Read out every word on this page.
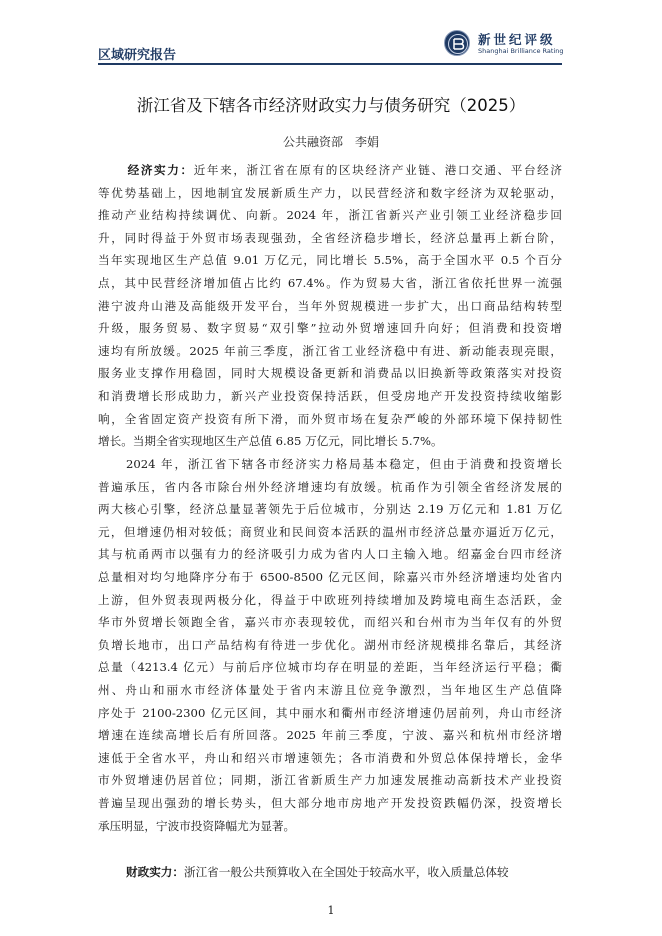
新世纪评级
Shanghai Brilliance Rating
区域研究报告
浙江省及下辖各市经济财政实力与债务研究（2025）
公共融资部　李娟
经济实力：近年来，浙江省在原有的区块经济产业链、港口交通、平台经济
等优势基础上，因地制宜发展新质生产力，以民营经济和数字经济为双轮驱动，
推动产业结构持续调优、向新。2024 年，浙江省新兴产业引领工业经济稳步回
升，同时得益于外贸市场表现强劲，全省经济稳步增长，经济总量再上新台阶，
当年实现地区生产总值 9.01 万亿元，同比增长 5.5%，高于全国水平 0.5 个百分
点，其中民营经济增加值占比约 67.4%。作为贸易大省，浙江省依托世界一流强
港宁波舟山港及高能级开发平台，当年外贸规模进一步扩大，出口商品结构转型
升级，服务贸易、数字贸易“双引擎”拉动外贸增速回升向好；但消费和投资增
速均有所放缓。2025 年前三季度，浙江省工业经济稳中有进、新动能表现亮眼，
服务业支撑作用稳固，同时大规模设备更新和消费品以旧换新等政策落实对投资
和消费增长形成助力，新兴产业投资保持活跃，但受房地产开发投资持续收缩影
响，全省固定资产投资有所下滑，而外贸市场在复杂严峻的外部环境下保持韧性
增长。当期全省实现地区生产总值 6.85 万亿元，同比增长 5.7%。
2024 年，浙江省下辖各市经济实力格局基本稳定，但由于消费和投资增长
普遍承压，省内各市除台州外经济增速均有放缓。杭甬作为引领全省经济发展的
两大核心引擎，经济总量显著领先于后位城市，分别达 2.19 万亿元和 1.81 万亿
元，但增速仍相对较低；商贸业和民间资本活跃的温州市经济总量亦逼近万亿元，
其与杭甬两市以强有力的经济吸引力成为省内人口主输入地。绍嘉金台四市经济
总量相对均匀地降序分布于 6500-8500 亿元区间，除嘉兴市外经济增速均处省内
上游，但外贸表现两极分化，得益于中欧班列持续增加及跨境电商生态活跃，金
华市外贸增长领跑全省，嘉兴市亦表现较优，而绍兴和台州市为当年仅有的外贸
负增长地市，出口产品结构有待进一步优化。湖州市经济规模排名靠后，其经济
总量（4213.4 亿元）与前后序位城市均存在明显的差距，当年经济运行平稳；衢
州、舟山和丽水市经济体量处于省内末游且位竞争激烈，当年地区生产总值降
序处于 2100-2300 亿元区间，其中丽水和衢州市经济增速仍居前列，舟山市经济
增速在连续高增长后有所回落。2025 年前三季度，宁波、嘉兴和杭州市经济增
速低于全省水平，舟山和绍兴市增速领先；各市消费和外贸总体保持增长，金华
市外贸增速仍居首位；同期，浙江省新质生产力加速发展推动高新技术产业投资
普遍呈现出强劲的增长势头，但大部分地市房地产开发投资跌幅仍深，投资增长
承压明显，宁波市投资降幅尤为显著。
财政实力：浙江省一般公共预算收入在全国处于较高水平，收入质量总体较
1
